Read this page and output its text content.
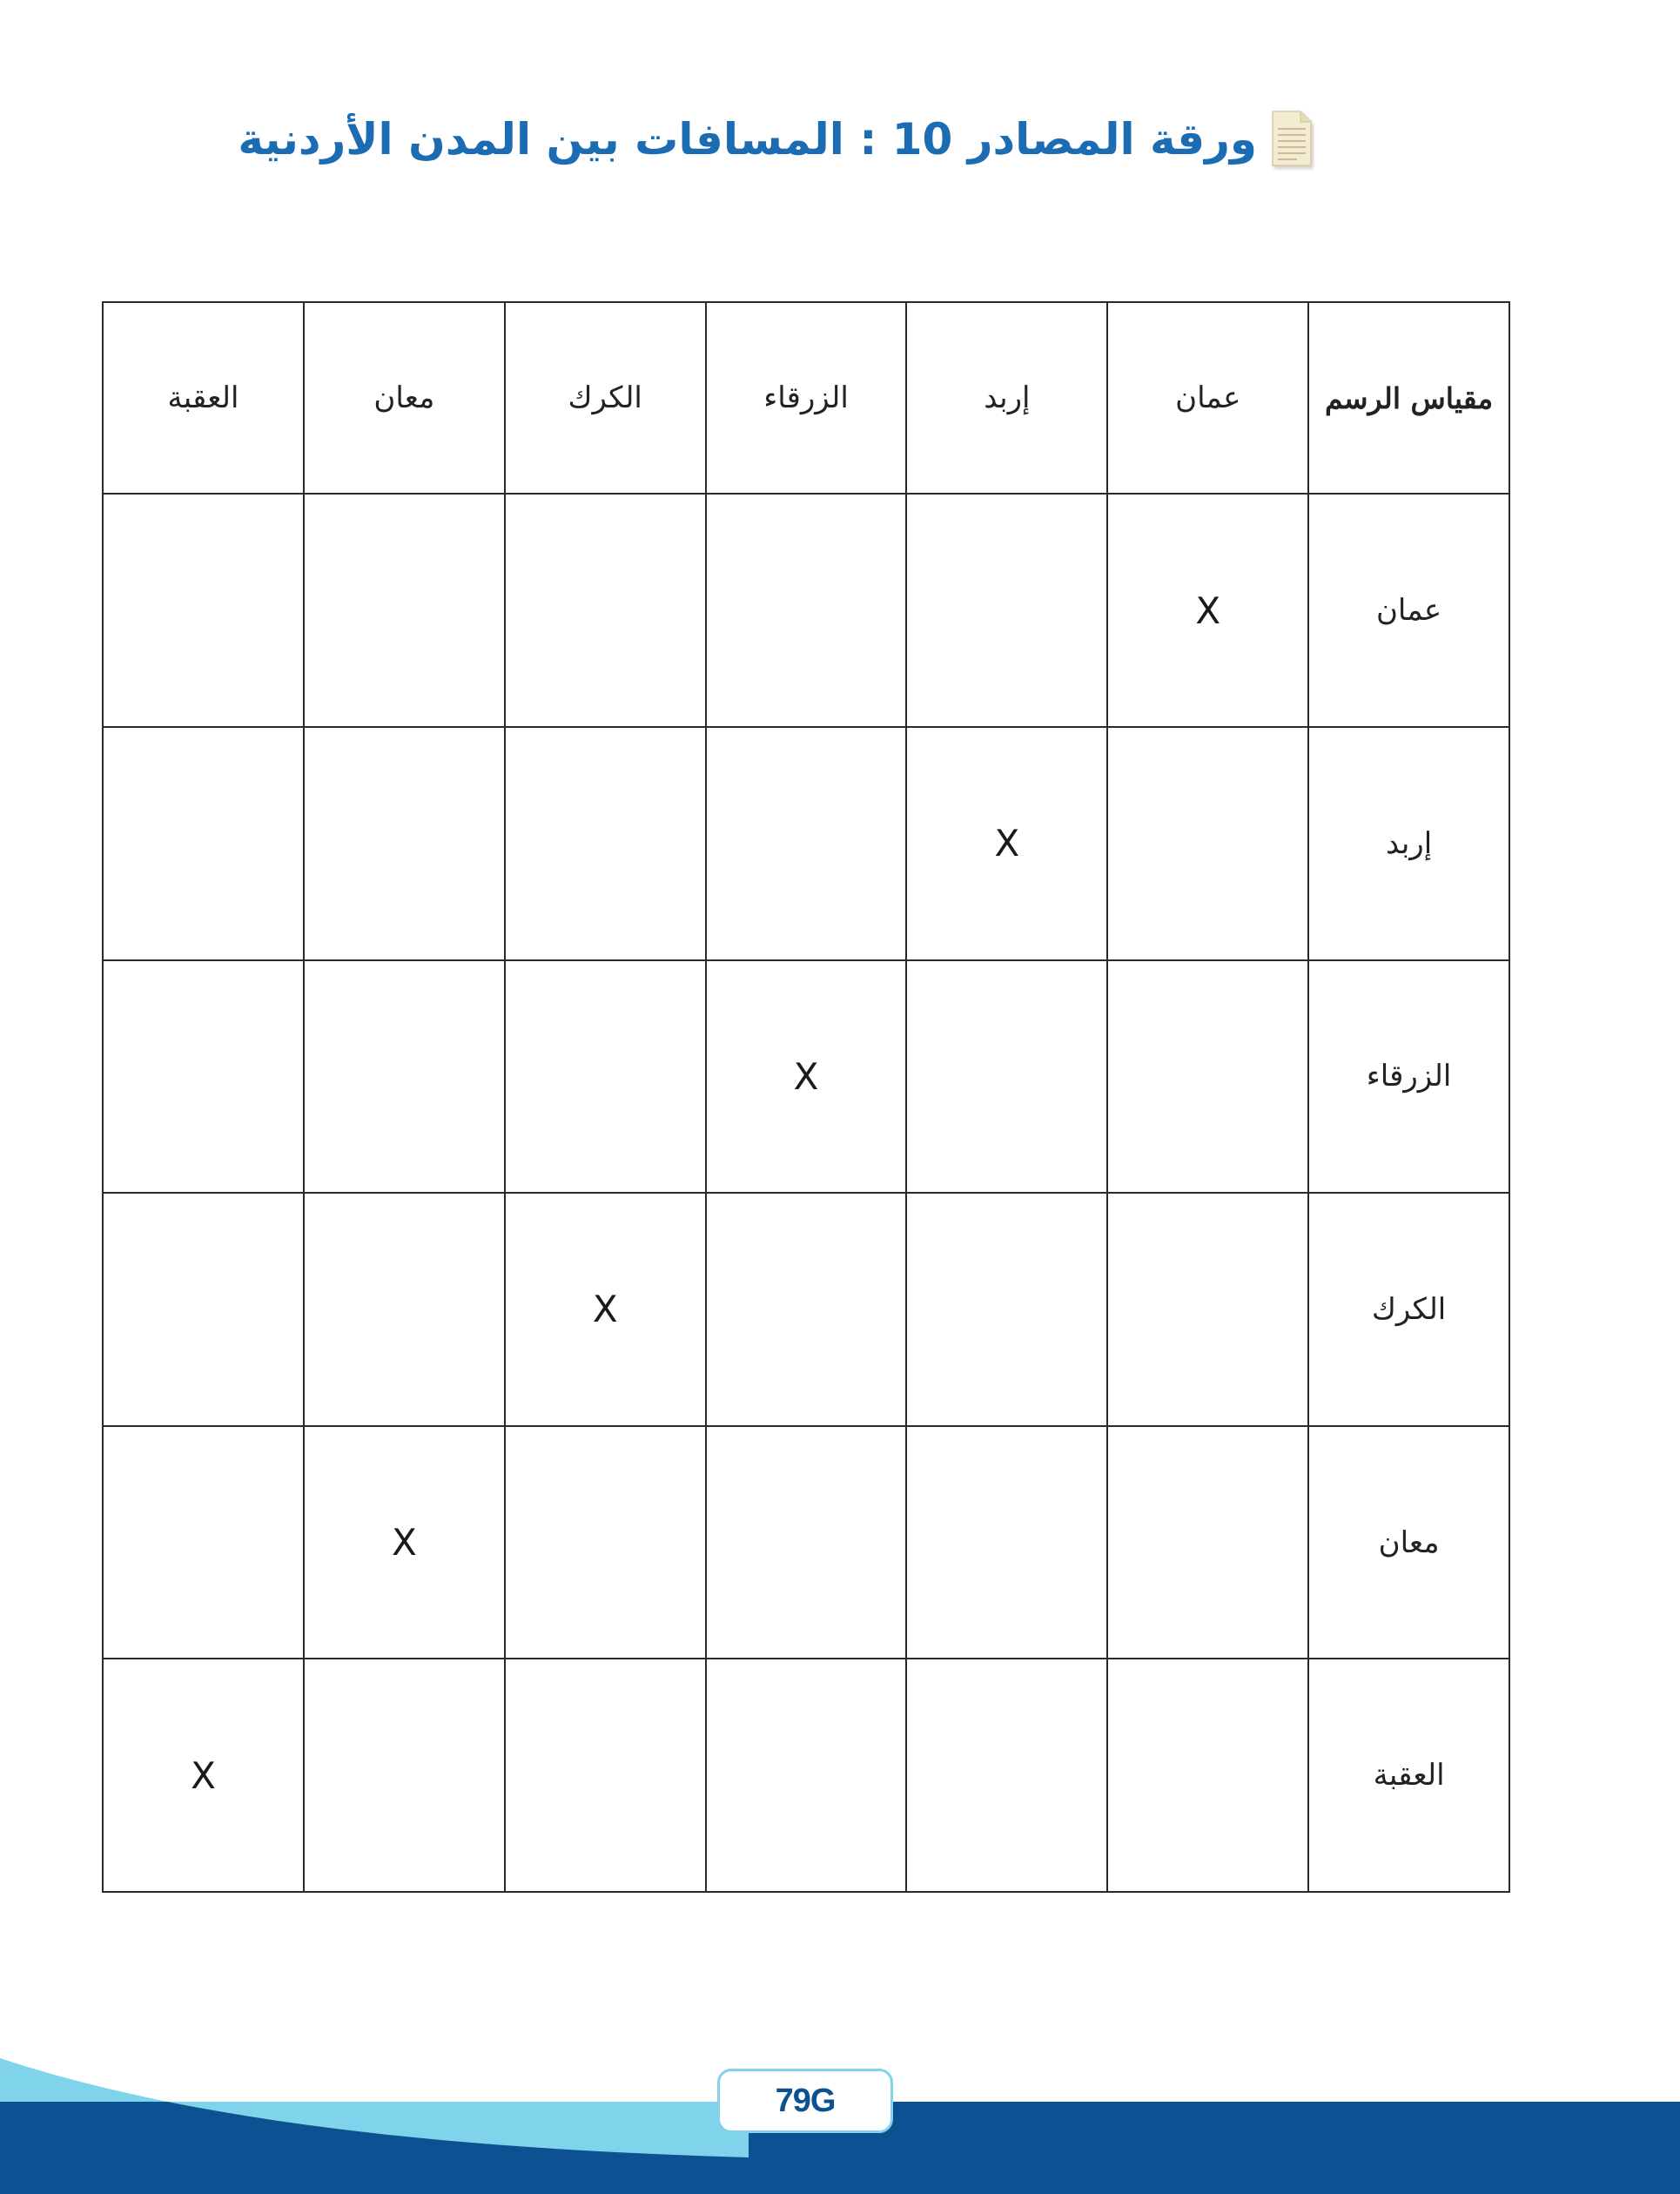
ورقة المصادر 10 : المسافات بين المدن الأردنية
مقياس الرسم	عمان	إربد	الزرقاء	الكرك	معان	العقبة
عمان	X					
إربد		X				
الزرقاء			X			
الكرك				X		
معان					X	
العقبة						X
79G
